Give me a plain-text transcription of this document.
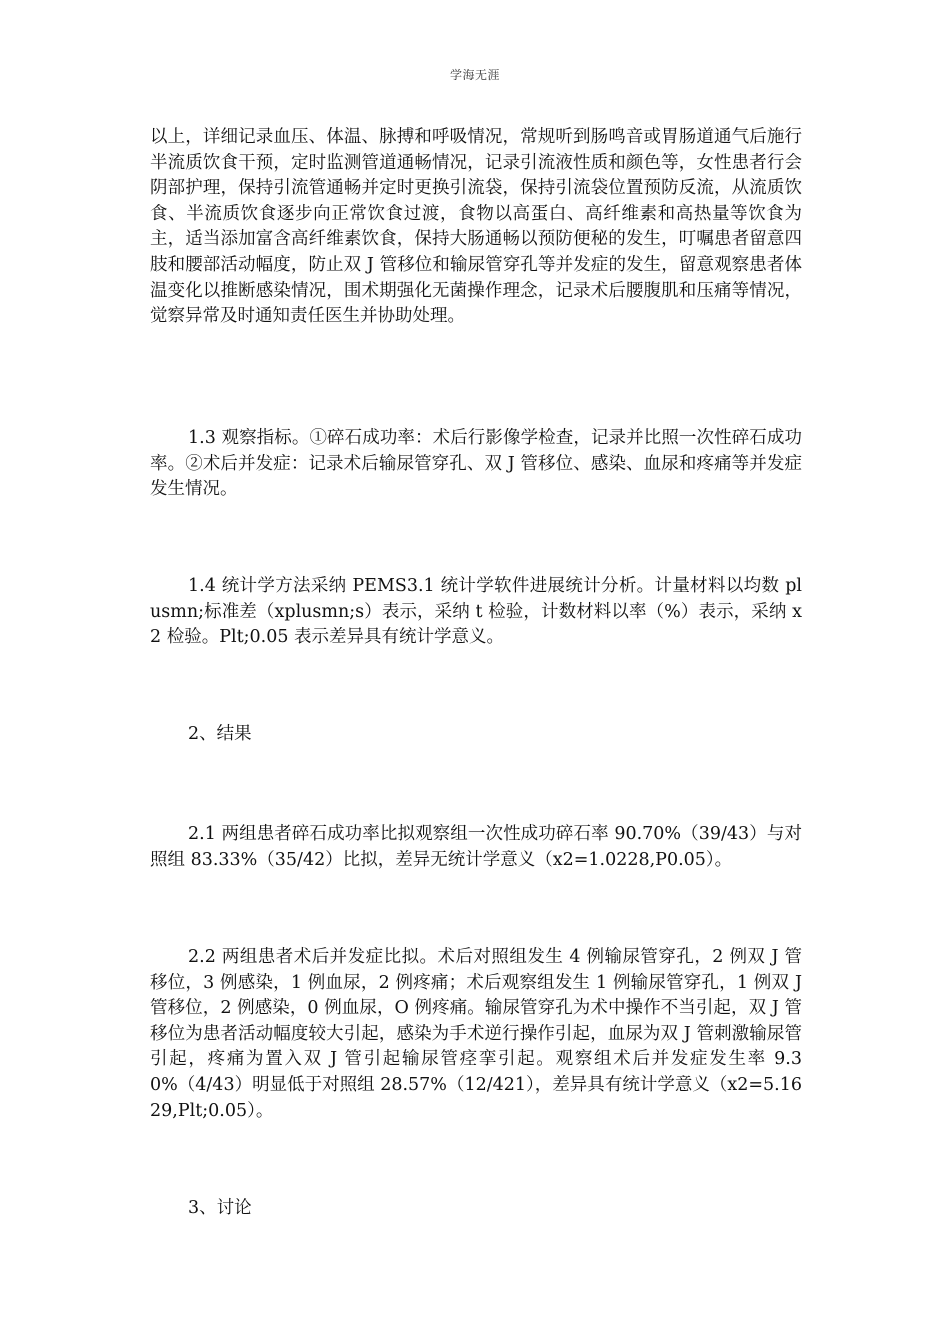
学海无涯

以上，详细记录血压、体温、脉搏和呼吸情况，常规听到肠鸣音或胃肠道通气后施行半流质饮食干预，定时监测管道通畅情况，记录引流液性质和颜色等，女性患者行会阴部护理，保持引流管通畅并定时更换引流袋，保持引流袋位置预防反流，从流质饮食、半流质饮食逐步向正常饮食过渡，食物以高蛋白、高纤维素和高热量等饮食为主，适当添加富含高纤维素饮食，保持大肠通畅以预防便秘的发生，叮嘱患者留意四肢和腰部活动幅度，防止双 J 管移位和输尿管穿孔等并发症的发生，留意观察患者体温变化以推断感染情况，围术期强化无菌操作理念，记录术后腰腹肌和压痛等情况，觉察异常及时通知责任医生并协助处理。

1.3 观察指标。①碎石成功率：术后行影像学检查，记录并比照一次性碎石成功率。②术后并发症：记录术后输尿管穿孔、双 J 管移位、感染、血尿和疼痛等并发症发生情况。

1.4 统计学方法采纳 PEMS3.1 统计学软件进展统计分析。计量材料以均数 plusmn;标准差（xplusmn;s）表示，采纳 t 检验，计数材料以率（%）表示，采纳 x2 检验。Plt;0.05 表示差异具有统计学意义。

2、结果

2.1 两组患者碎石成功率比拟观察组一次性成功碎石率 90.70%（39/43）与对照组 83.33%（35/42）比拟，差异无统计学意义（x2=1.0228,P0.05）。

2.2 两组患者术后并发症比拟。术后对照组发生 4 例输尿管穿孔，2 例双 J 管移位，3 例感染，1 例血尿，2 例疼痛；术后观察组发生 1 例输尿管穿孔，1 例双 J 管移位，2 例感染，0 例血尿，O 例疼痛。输尿管穿孔为术中操作不当引起，双 J 管移位为患者活动幅度较大引起，感染为手术逆行操作引起，血尿为双 J 管刺激输尿管引起，疼痛为置入双 J 管引起输尿管痉挛引起。观察组术后并发症发生率 9.30%（4/43）明显低于对照组 28.57%（12/421），差异具有统计学意义（x2=5.1629,Plt;0.05）。

3、讨论
